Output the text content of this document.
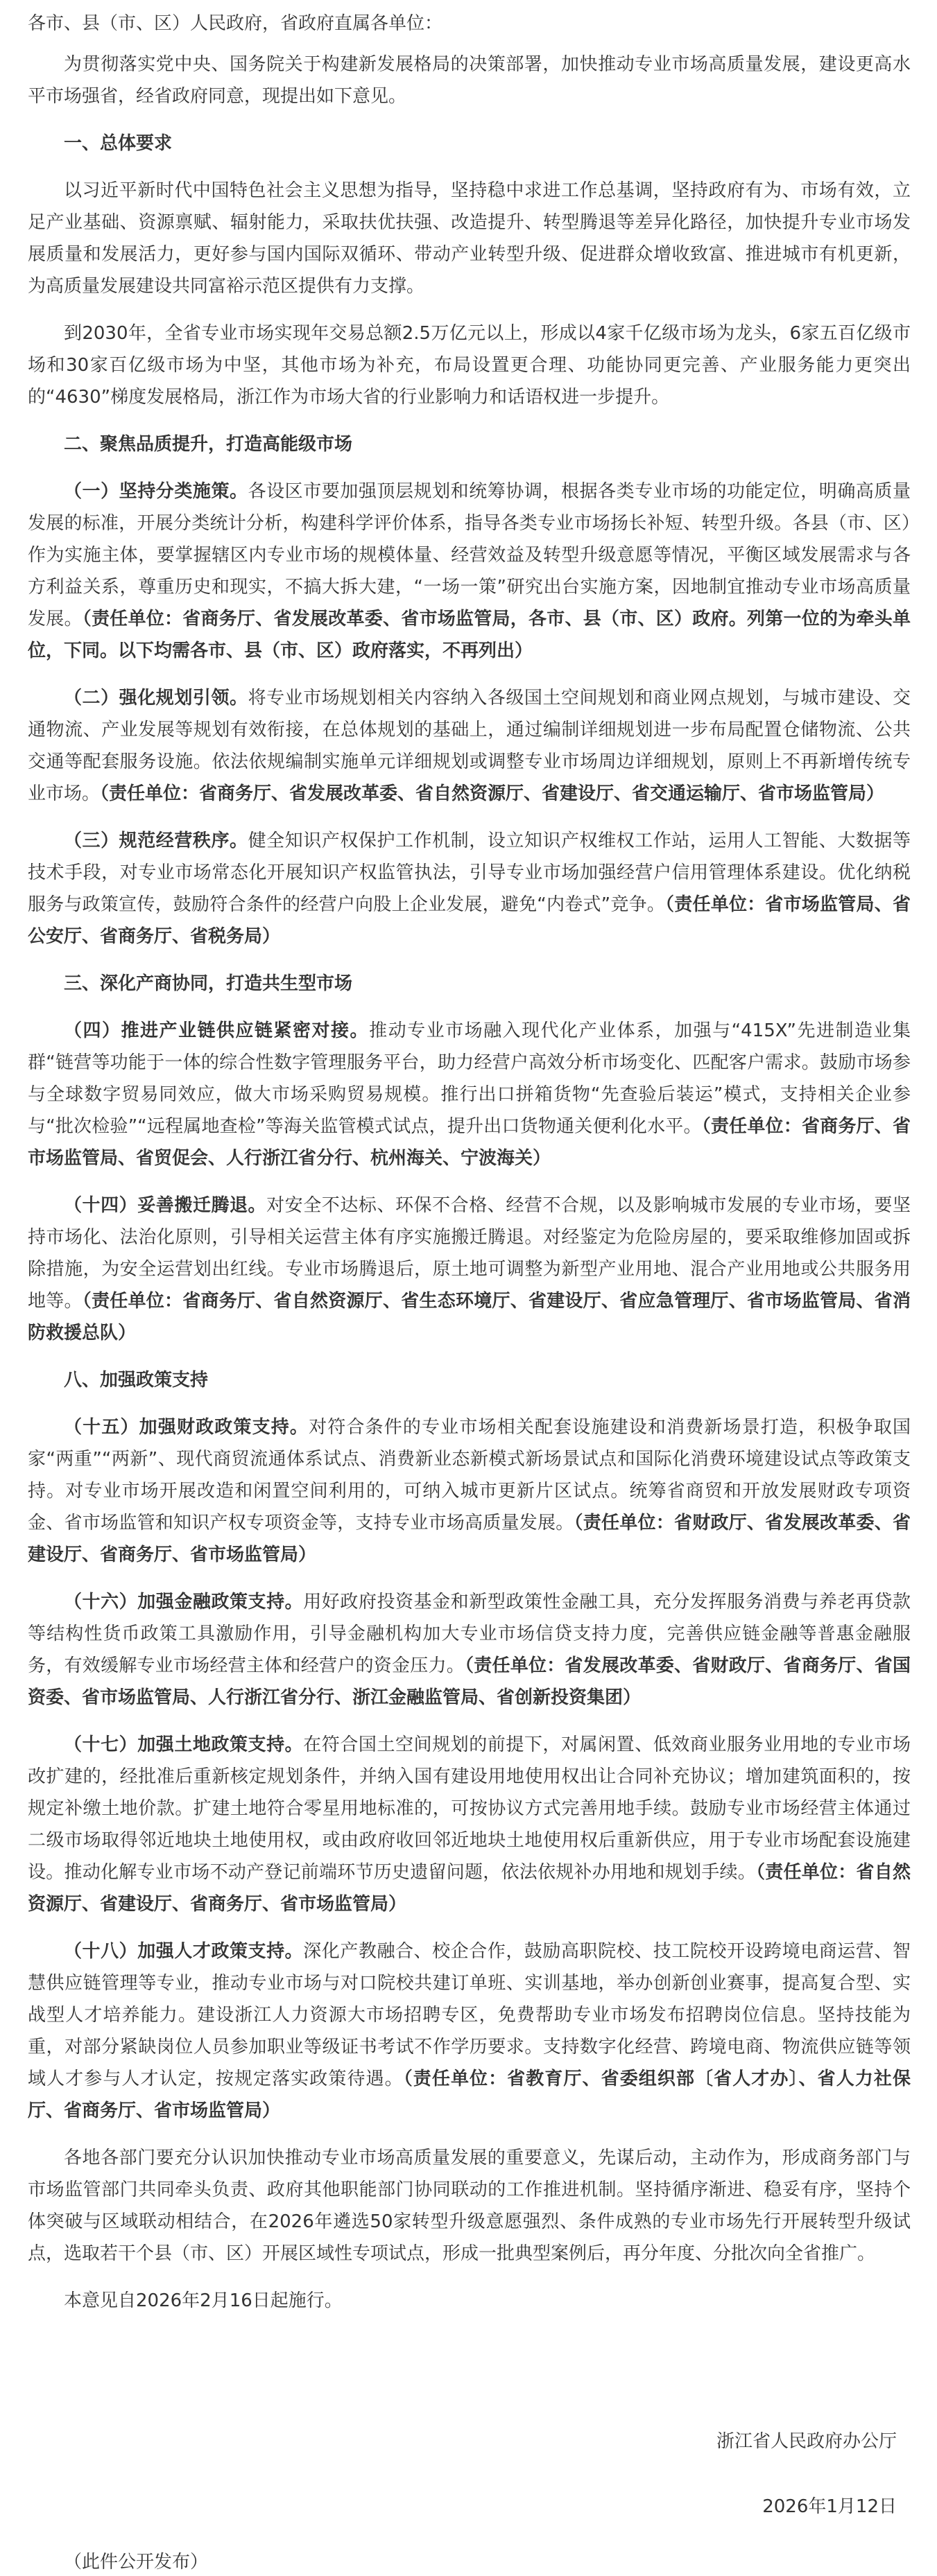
各市、县（市、区）人民政府，省政府直属各单位：

为贯彻落实党中央、国务院关于构建新发展格局的决策部署，加快推动专业市场高质量发展，建设更高水平市场强省，经省政府同意，现提出如下意见。

一、总体要求

以习近平新时代中国特色社会主义思想为指导，坚持稳中求进工作总基调，坚持政府有为、市场有效，立足产业基础、资源禀赋、辐射能力，采取扶优扶强、改造提升、转型腾退等差异化路径，加快提升专业市场发展质量和发展活力，更好参与国内国际双循环、带动产业转型升级、促进群众增收致富、推进城市有机更新，为高质量发展建设共同富裕示范区提供有力支撑。

到2030年，全省专业市场实现年交易总额2.5万亿元以上，形成以4家千亿级市场为龙头，6家五百亿级市场和30家百亿级市场为中坚，其他市场为补充，布局设置更合理、功能协同更完善、产业服务能力更突出的“4630”梯度发展格局，浙江作为市场大省的行业影响力和话语权进一步提升。

二、聚焦品质提升，打造高能级市场

（一）坚持分类施策。各设区市要加强顶层规划和统筹协调，根据各类专业市场的功能定位，明确高质量发展的标准，开展分类统计分析，构建科学评价体系，指导各类专业市场扬长补短、转型升级。各县（市、区）作为实施主体，要掌握辖区内专业市场的规模体量、经营效益及转型升级意愿等情况，平衡区域发展需求与各方利益关系，尊重历史和现实，不搞大拆大建，“一场一策”研究出台实施方案，因地制宜推动专业市场高质量发展。（责任单位：省商务厅、省发展改革委、省市场监管局，各市、县（市、区）政府。列第一位的为牵头单位，下同。以下均需各市、县（市、区）政府落实，不再列出）

（二）强化规划引领。将专业市场规划相关内容纳入各级国土空间规划和商业网点规划，与城市建设、交通物流、产业发展等规划有效衔接，在总体规划的基础上，通过编制详细规划进一步布局配置仓储物流、公共交通等配套服务设施。依法依规编制实施单元详细规划或调整专业市场周边详细规划，原则上不再新增传统专业市场。（责任单位：省商务厅、省发展改革委、省自然资源厅、省建设厅、省交通运输厅、省市场监管局）

（三）规范经营秩序。健全知识产权保护工作机制，设立知识产权维权工作站，运用人工智能、大数据等技术手段，对专业市场常态化开展知识产权监管执法，引导专业市场加强经营户信用管理体系建设。优化纳税服务与政策宣传，鼓励符合条件的经营户向股上企业发展，避免“内卷式”竞争。（责任单位：省市场监管局、省公安厅、省商务厅、省税务局）

三、深化产商协同，打造共生型市场

（四）推进产业链供应链紧密对接。推动专业市场融入现代化产业体系，加强与“415X”先进制造业集群“链营等功能于一体的综合性数字管理服务平台，助力经营户高效分析市场变化、匹配客户需求。鼓励市场参与全球数字贸易同效应，做大市场采购贸易规模。推行出口拼箱货物“先查验后装运”模式，支持相关企业参与“批次检验”“远程属地查检”等海关监管模式试点，提升出口货物通关便利化水平。（责任单位：省商务厅、省市场监管局、省贸促会、人行浙江省分行、杭州海关、宁波海关）

（十四）妥善搬迁腾退。对安全不达标、环保不合格、经营不合规，以及影响城市发展的专业市场，要坚持市场化、法治化原则，引导相关运营主体有序实施搬迁腾退。对经鉴定为危险房屋的，要采取维修加固或拆除措施，为安全运营划出红线。专业市场腾退后，原土地可调整为新型产业用地、混合产业用地或公共服务用地等。（责任单位：省商务厅、省自然资源厅、省生态环境厅、省建设厅、省应急管理厅、省市场监管局、省消防救援总队）

八、加强政策支持

（十五）加强财政政策支持。对符合条件的专业市场相关配套设施建设和消费新场景打造，积极争取国家“两重”“两新”、现代商贸流通体系试点、消费新业态新模式新场景试点和国际化消费环境建设试点等政策支持。对专业市场开展改造和闲置空间利用的，可纳入城市更新片区试点。统筹省商贸和开放发展财政专项资金、省市场监管和知识产权专项资金等，支持专业市场高质量发展。（责任单位：省财政厅、省发展改革委、省建设厅、省商务厅、省市场监管局）

（十六）加强金融政策支持。用好政府投资基金和新型政策性金融工具，充分发挥服务消费与养老再贷款等结构性货币政策工具激励作用，引导金融机构加大专业市场信贷支持力度，完善供应链金融等普惠金融服务，有效缓解专业市场经营主体和经营户的资金压力。（责任单位：省发展改革委、省财政厅、省商务厅、省国资委、省市场监管局、人行浙江省分行、浙江金融监管局、省创新投资集团）

（十七）加强土地政策支持。在符合国土空间规划的前提下，对属闲置、低效商业服务业用地的专业市场改扩建的，经批准后重新核定规划条件，并纳入国有建设用地使用权出让合同补充协议；增加建筑面积的，按规定补缴土地价款。扩建土地符合零星用地标准的，可按协议方式完善用地手续。鼓励专业市场经营主体通过二级市场取得邻近地块土地使用权，或由政府收回邻近地块土地使用权后重新供应，用于专业市场配套设施建设。推动化解专业市场不动产登记前端环节历史遗留问题，依法依规补办用地和规划手续。（责任单位：省自然资源厅、省建设厅、省商务厅、省市场监管局）

（十八）加强人才政策支持。深化产教融合、校企合作，鼓励高职院校、技工院校开设跨境电商运营、智慧供应链管理等专业，推动专业市场与对口院校共建订单班、实训基地，举办创新创业赛事，提高复合型、实战型人才培养能力。建设浙江人力资源大市场招聘专区，免费帮助专业市场发布招聘岗位信息。坚持技能为重，对部分紧缺岗位人员参加职业等级证书考试不作学历要求。支持数字化经营、跨境电商、物流供应链等领域人才参与人才认定，按规定落实政策待遇。（责任单位：省教育厅、省委组织部〔省人才办〕、省人力社保厅、省商务厅、省市场监管局）

各地各部门要充分认识加快推动专业市场高质量发展的重要意义，先谋后动，主动作为，形成商务部门与市场监管部门共同牵头负责、政府其他职能部门协同联动的工作推进机制。坚持循序渐进、稳妥有序，坚持个体突破与区域联动相结合，在2026年遴选50家转型升级意愿强烈、条件成熟的专业市场先行开展转型升级试点，选取若干个县（市、区）开展区域性专项试点，形成一批典型案例后，再分年度、分批次向全省推广。

本意见自2026年2月16日起施行。

浙江省人民政府办公厅
2026年1月12日
（此件公开发布）
